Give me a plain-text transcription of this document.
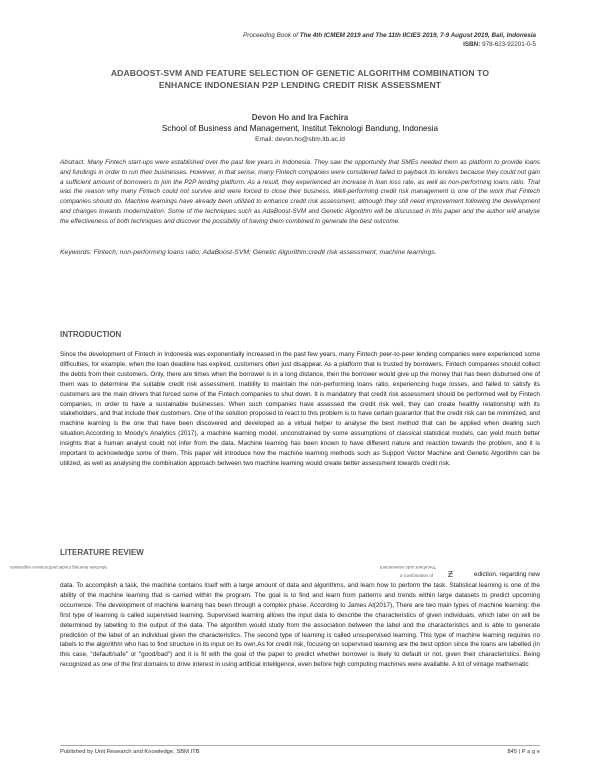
Proceeding Book of The 4th ICMEM 2019 and The 11th IICIES 2019, 7-9 August 2019, Bali, Indonesia
ISBN: 978-623-92201-0-5
ADABOOST-SVM AND FEATURE SELECTION OF GENETIC ALGORITHM COMBINATION TO
ENHANCE INDONESIAN P2P LENDING CREDIT RISK ASSESSMENT
Devon Ho and Ira Fachira
School of Business and Management, Institut Teknologi Bandung, Indonesia
Email: devon.ho@sbm.itb.ac.id
Abstract. Many Fintech start-ups were established over the past few years in Indonesia. They saw the opportunity that SMEs needed them as platform to provide loans and fundings in order to run their businesses. However, in that sense, many Fintech companies were considered failed to payback its lenders because they could not gain a sufficient amount of borrowers to join the P2P lending platform. As a result, they experienced an increase in loan loss rate, as well as non-performing loans ratio. That was the reason why many Fintech could not survive and were forced to close their business. Well-performing credit risk management is one of the work that Fintech companies should do. Machine learnings have already been utilized to enhance credit risk assessment, although they still need improvement following the development and changes towards modernization. Some of the techniques such as AdaBoost-SVM and Genetic Algorithm will be discussed in this paper and the author will analyse the effectiveness of both techniques and discover the possibility of having them combined to generate the best outcome.
Keywords: Fintech; non-performing loans ratio; AdaBoost-SVM; Genetic Algorithm;credit risk assessment; machine learnings.
INTRODUCTION
Since the development of Fintech in Indonesia was exponentially increased in the past few years, many Fintech peer-to-peer lending companies were experienced some difficulties, for example, when the loan deadline has expired, customers often just disappear. As a platform that is trusted by borrowers, Fintech companies should collect the debts from their customers. Only, there are times when the borrower is in a long distance, then the borrower would give up the money that has been disbursed one of them was to determine the suitable credit risk assessment. Inability to maintain the non-performing loans ratio, experiencing huge losses, and failed to satisfy its customers are the main drivers that forced some of the Fintech companies to shut down. It is mandatory that credit risk assessment should be performed well by Fintech companies, in order to have a sustainable businesses. When such companies have assessed the credit risk well, they can create healthy relationship with its stakeholders, and that include their customers. One of the solution proposed to react to this problem is to have certain guarantor that the credit risk can be minimized, and machine learning is the one that have been discovered and developed as a virtual helper to analyse the best method that can be applied when dealing such situation.According to Moody's Analytics (2017), a machine learning model, unconstrained by some assumptions of classical statistical models, can yield much better insights that a human analyst could not infer from the data. Machine learning has been known to have different nature and reaction towards the problem, and it is important to acknowledge some of them. This paper will introduce how the machine learning methods such as Support Vector Machine and Genetic Algorithm can be utilized, as well as analysing the combination approach between two machine learning would create better assessment towards credit risk.
LITERATURE REVIEW
Machine learning model performance regression	Traceback auto assessment
a combination of Ƶ	ediction. regarding new
data. To accomplish a task, the machine contains itself with a large amount of data and algorithms, and learn how to perform the task. Statistical learning is one of the ability of the machine learning that is carried within the program. The goal is to find and learn from patterns and trends within large datasets to predict upcoming occurrence. The development of machine learning has been through a complex phase. According to James Al(2017), There are two main types of machine learning: the first type of learning is called supervised learning. Supervised learning allows the input data to describe the characteristics of given individuals, which later on will be determined by labelling to the output of the data. The algorithm would study from the association between the label and the characteristics and is able to generate prediction of the label of an individual given the characteristics. The second type of learning is called unsupervised learning. This type of machine learning requires no labels to the algorithm who has to find structure in its input on its own.As for credit risk, focusing on supervised learning are the best option since the loans are labelled (in this case, "default/safe" or "good/bad") and it is fit with the goal of the paper to predict whether borrower is likely to default or not, given their characteristics. Being recognized as one of the first domains to drive interest in using artificial intelligence, even before high computing machines were available. A lot of vintage mathematic
Published by Unit Research and Knowledge, SBM ITB	845 | P a g e
